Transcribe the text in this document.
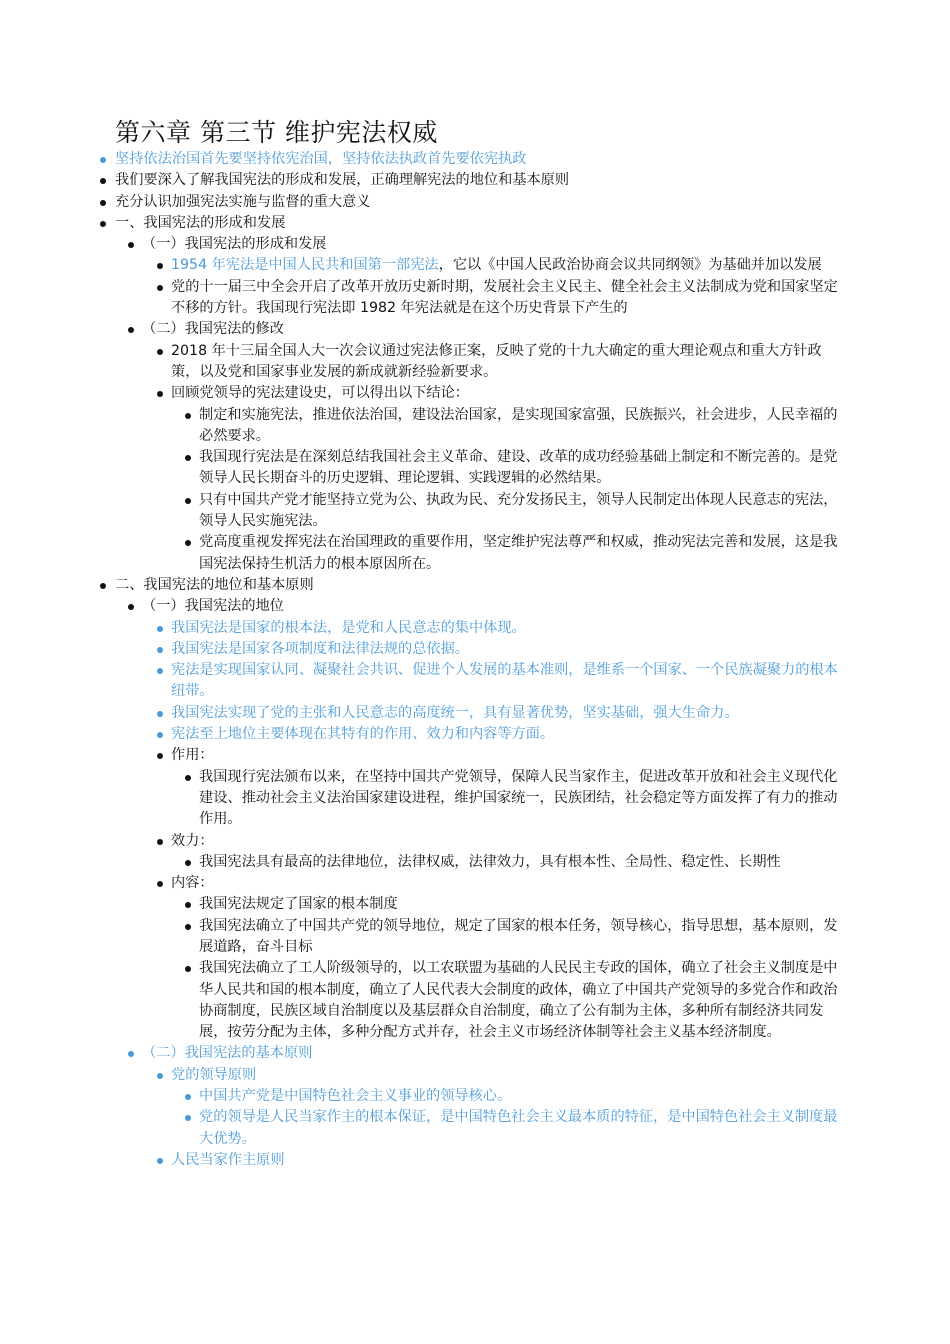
第六章 第三节 维护宪法权威
坚持依法治国首先要坚持依宪治国，坚持依法执政首先要依宪执政
我们要深入了解我国宪法的形成和发展，正确理解宪法的地位和基本原则
充分认识加强宪法实施与监督的重大意义
一、我国宪法的形成和发展
（一）我国宪法的形成和发展
1954 年宪法是中国人民共和国第一部宪法，它以《中国人民政治协商会议共同纲领》为基础并加以发展
党的十一届三中全会开启了改革开放历史新时期，发展社会主义民主、健全社会主义法制成为党和国家坚定不移的方针。我国现行宪法即 1982 年宪法就是在这个历史背景下产生的
（二）我国宪法的修改
2018 年十三届全国人大一次会议通过宪法修正案，反映了党的十九大确定的重大理论观点和重大方针政策，以及党和国家事业发展的新成就新经验新要求。
回顾党领导的宪法建设史，可以得出以下结论：
制定和实施宪法，推进依法治国，建设法治国家，是实现国家富强，民族振兴，社会进步，人民幸福的必然要求。
我国现行宪法是在深刻总结我国社会主义革命、建设、改革的成功经验基础上制定和不断完善的。是党领导人民长期奋斗的历史逻辑、理论逻辑、实践逻辑的必然结果。
只有中国共产党才能坚持立党为公、执政为民、充分发扬民主，领导人民制定出体现人民意志的宪法，领导人民实施宪法。
党高度重视发挥宪法在治国理政的重要作用，坚定维护宪法尊严和权威，推动宪法完善和发展，这是我国宪法保持生机活力的根本原因所在。
二、我国宪法的地位和基本原则
（一）我国宪法的地位
我国宪法是国家的根本法，是党和人民意志的集中体现。
我国宪法是国家各项制度和法律法规的总依据。
宪法是实现国家认同、凝聚社会共识、促进个人发展的基本准则，是维系一个国家、一个民族凝聚力的根本纽带。
我国宪法实现了党的主张和人民意志的高度统一，具有显著优势，坚实基础，强大生命力。
宪法至上地位主要体现在其特有的作用、效力和内容等方面。
作用：
我国现行宪法颁布以来，在坚持中国共产党领导，保障人民当家作主，促进改革开放和社会主义现代化建设、推动社会主义法治国家建设进程，维护国家统一，民族团结，社会稳定等方面发挥了有力的推动作用。
效力：
我国宪法具有最高的法律地位，法律权威，法律效力，具有根本性、全局性、稳定性、长期性
内容：
我国宪法规定了国家的根本制度
我国宪法确立了中国共产党的领导地位，规定了国家的根本任务，领导核心，指导思想，基本原则，发展道路，奋斗目标
我国宪法确立了工人阶级领导的，以工农联盟为基础的人民民主专政的国体，确立了社会主义制度是中华人民共和国的根本制度，确立了人民代表大会制度的政体，确立了中国共产党领导的多党合作和政治协商制度，民族区域自治制度以及基层群众自治制度，确立了公有制为主体，多种所有制经济共同发展，按劳分配为主体，多种分配方式并存，社会主义市场经济体制等社会主义基本经济制度。
（二）我国宪法的基本原则
党的领导原则
中国共产党是中国特色社会主义事业的领导核心。
党的领导是人民当家作主的根本保证，是中国特色社会主义最本质的特征，是中国特色社会主义制度最大优势。
人民当家作主原则
